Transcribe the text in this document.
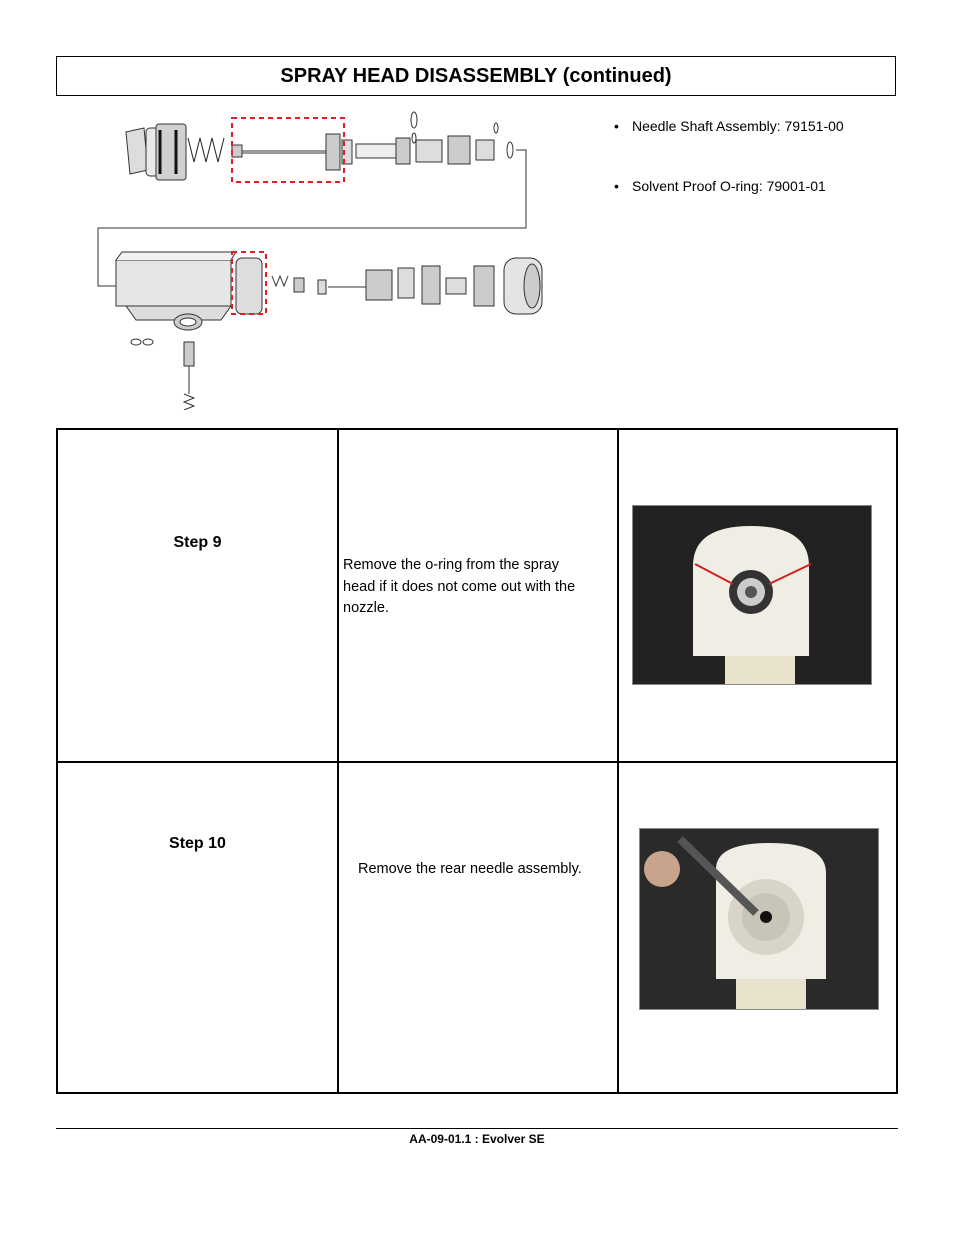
SPRAY HEAD DISASSEMBLY (continued)
• Needle Shaft Assembly: 79151-00
• Solvent Proof O-ring: 79001-01
Step 9
Remove the o-ring from the spray
head if it does not come out with the
nozzle.
Step 10
Remove the rear needle assembly.
AA-09-01.1 : Evolver SE
